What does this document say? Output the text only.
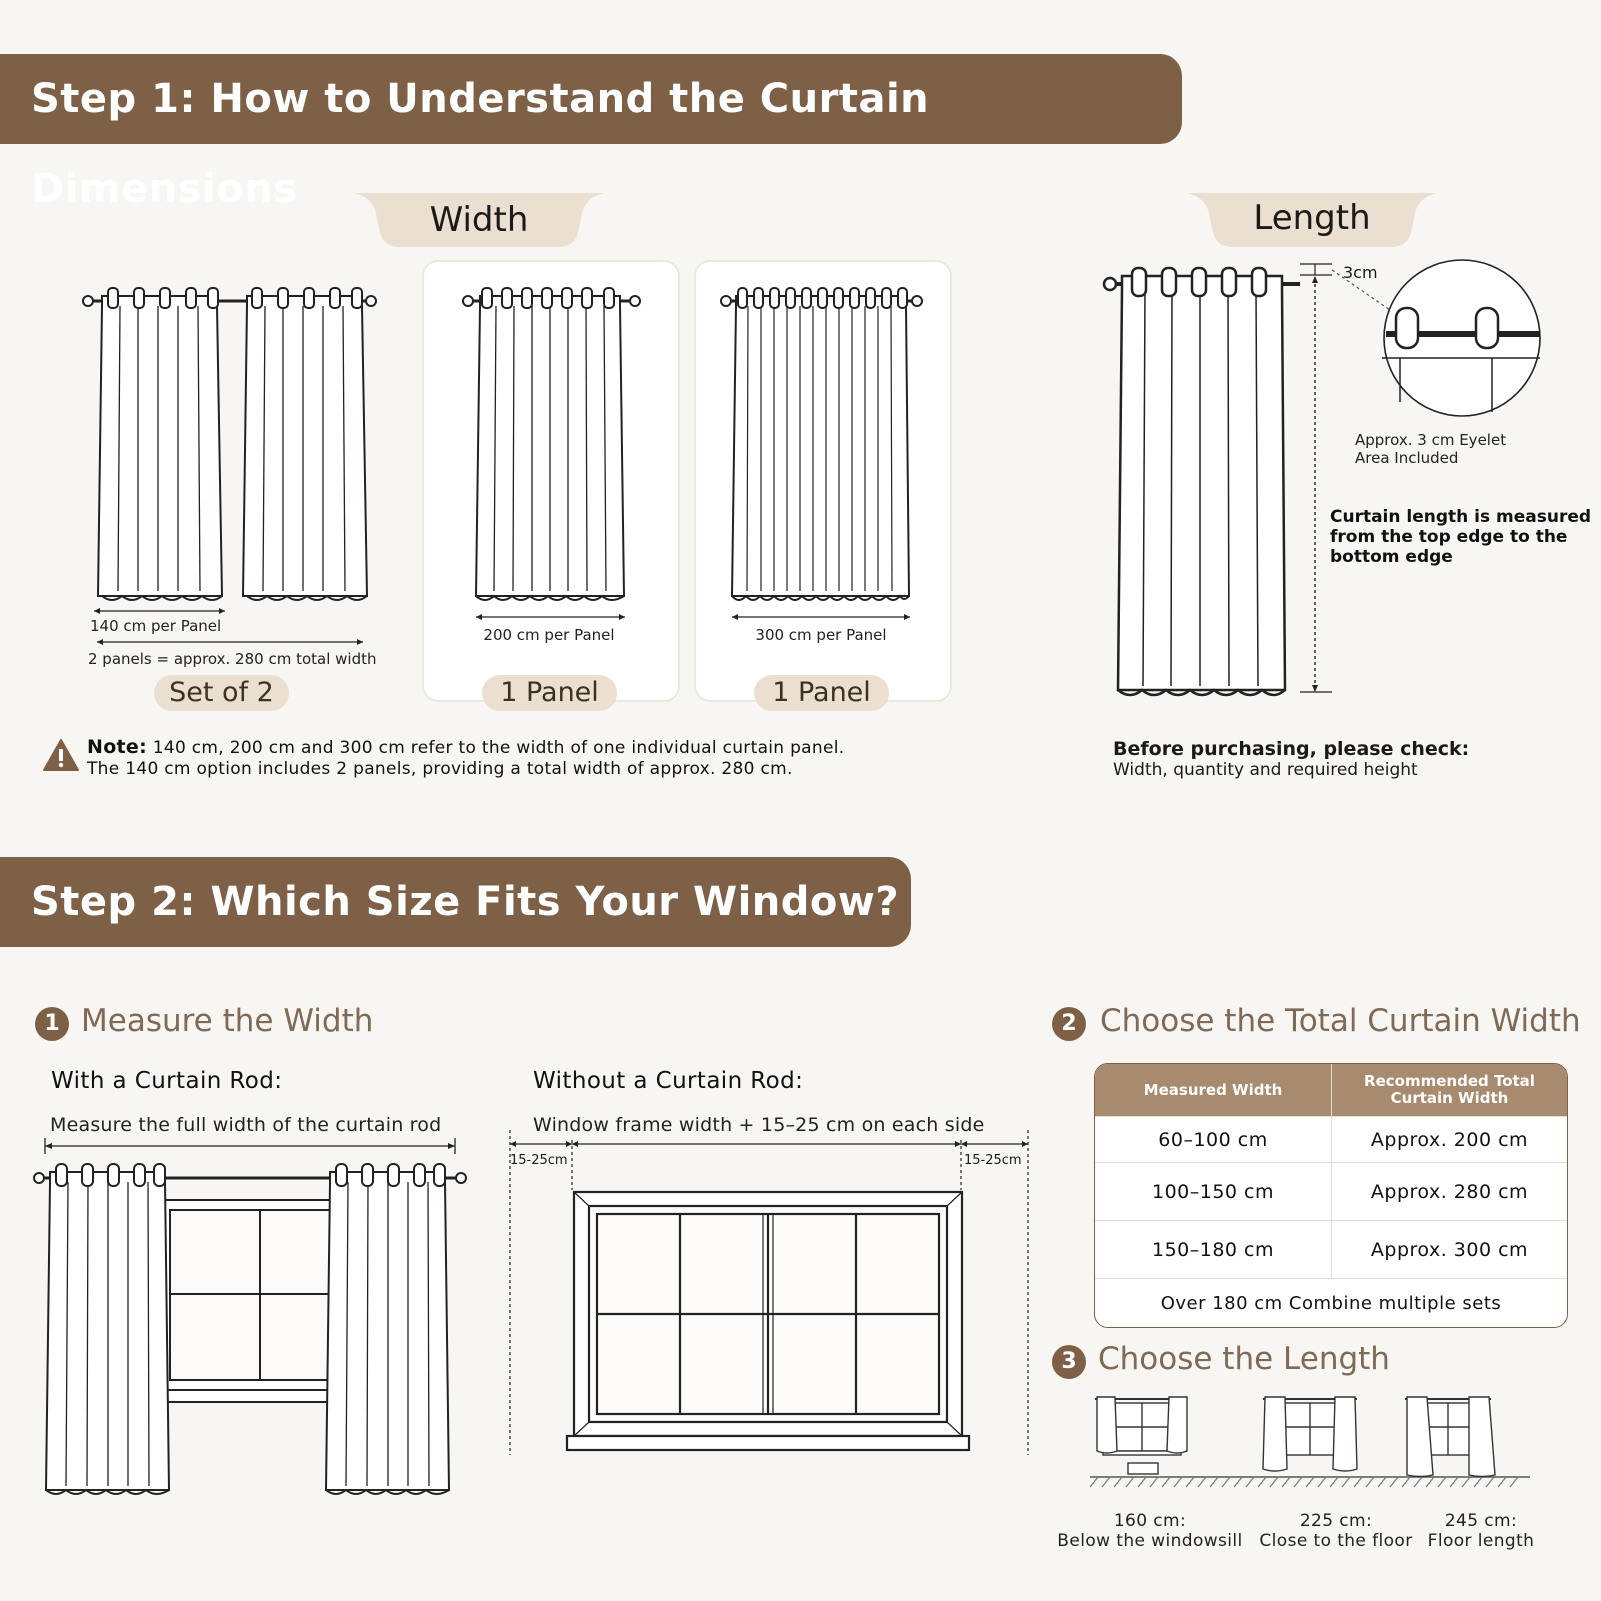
Step 1: How to Understand the Curtain Dimensions
Width	Length
140 cm per Panel
2 panels = approx. 280 cm total width
Set of 2
200 cm per Panel
1 Panel
300 cm per Panel
1 Panel
Note: 140 cm, 200 cm and 300 cm refer to the width of one individual curtain panel.
The 140 cm option includes 2 panels, providing a total width of approx. 280 cm.
3cm
Approx. 3 cm Eyelet
Area Included
Curtain length is measured
from the top edge to the
bottom edge
Before purchasing, please check:
Width, quantity and required height
Step 2: Which Size Fits Your Window?
1 Measure the Width
With a Curtain Rod:
Measure the full width of the curtain rod
Without a Curtain Rod:
Window frame width + 15–25 cm on each side
15-25cm	15-25cm
2 Choose the Total Curtain Width
Measured Width	Recommended Total Curtain Width
60–100 cm	Approx. 200 cm
100–150 cm	Approx. 280 cm
150–180 cm	Approx. 300 cm
Over 180 cm Combine multiple sets	
3 Choose the Length
160 cm:
Below the windowsill
225 cm:
Close to the floor
245 cm:
Floor length
